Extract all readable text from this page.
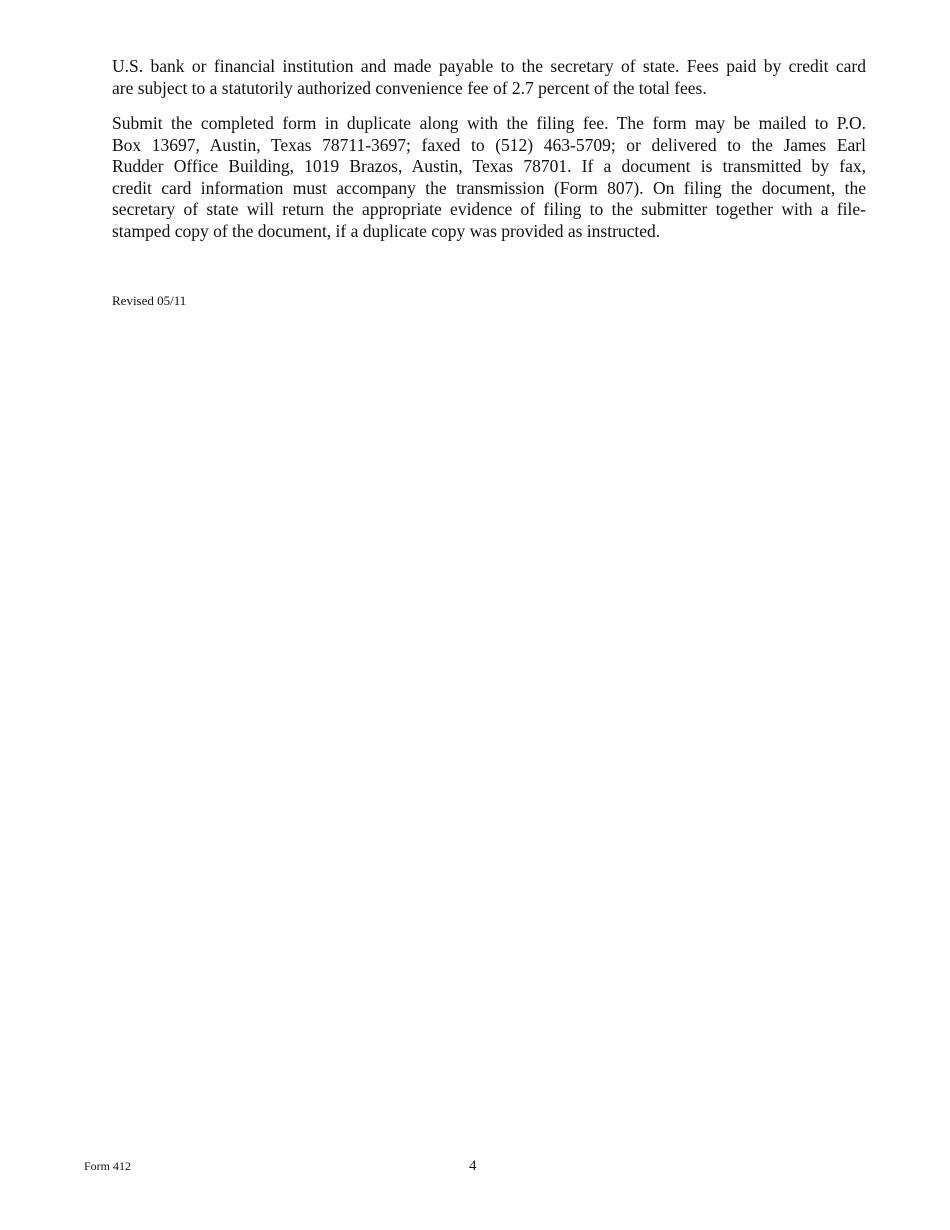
U.S. bank or financial institution and made payable to the secretary of state. Fees paid by credit card
are subject to a statutorily authorized convenience fee of 2.7 percent of the total fees.

Submit the completed form in duplicate along with the filing fee. The form may be mailed to P.O.
Box 13697, Austin, Texas 78711-3697; faxed to (512) 463-5709; or delivered to the James Earl
Rudder Office Building, 1019 Brazos, Austin, Texas 78701. If a document is transmitted by fax,
credit card information must accompany the transmission (Form 807). On filing the document, the
secretary of state will return the appropriate evidence of filing to the submitter together with a file-
stamped copy of the document, if a duplicate copy was provided as instructed.

Revised 05/11
Form 412	4
